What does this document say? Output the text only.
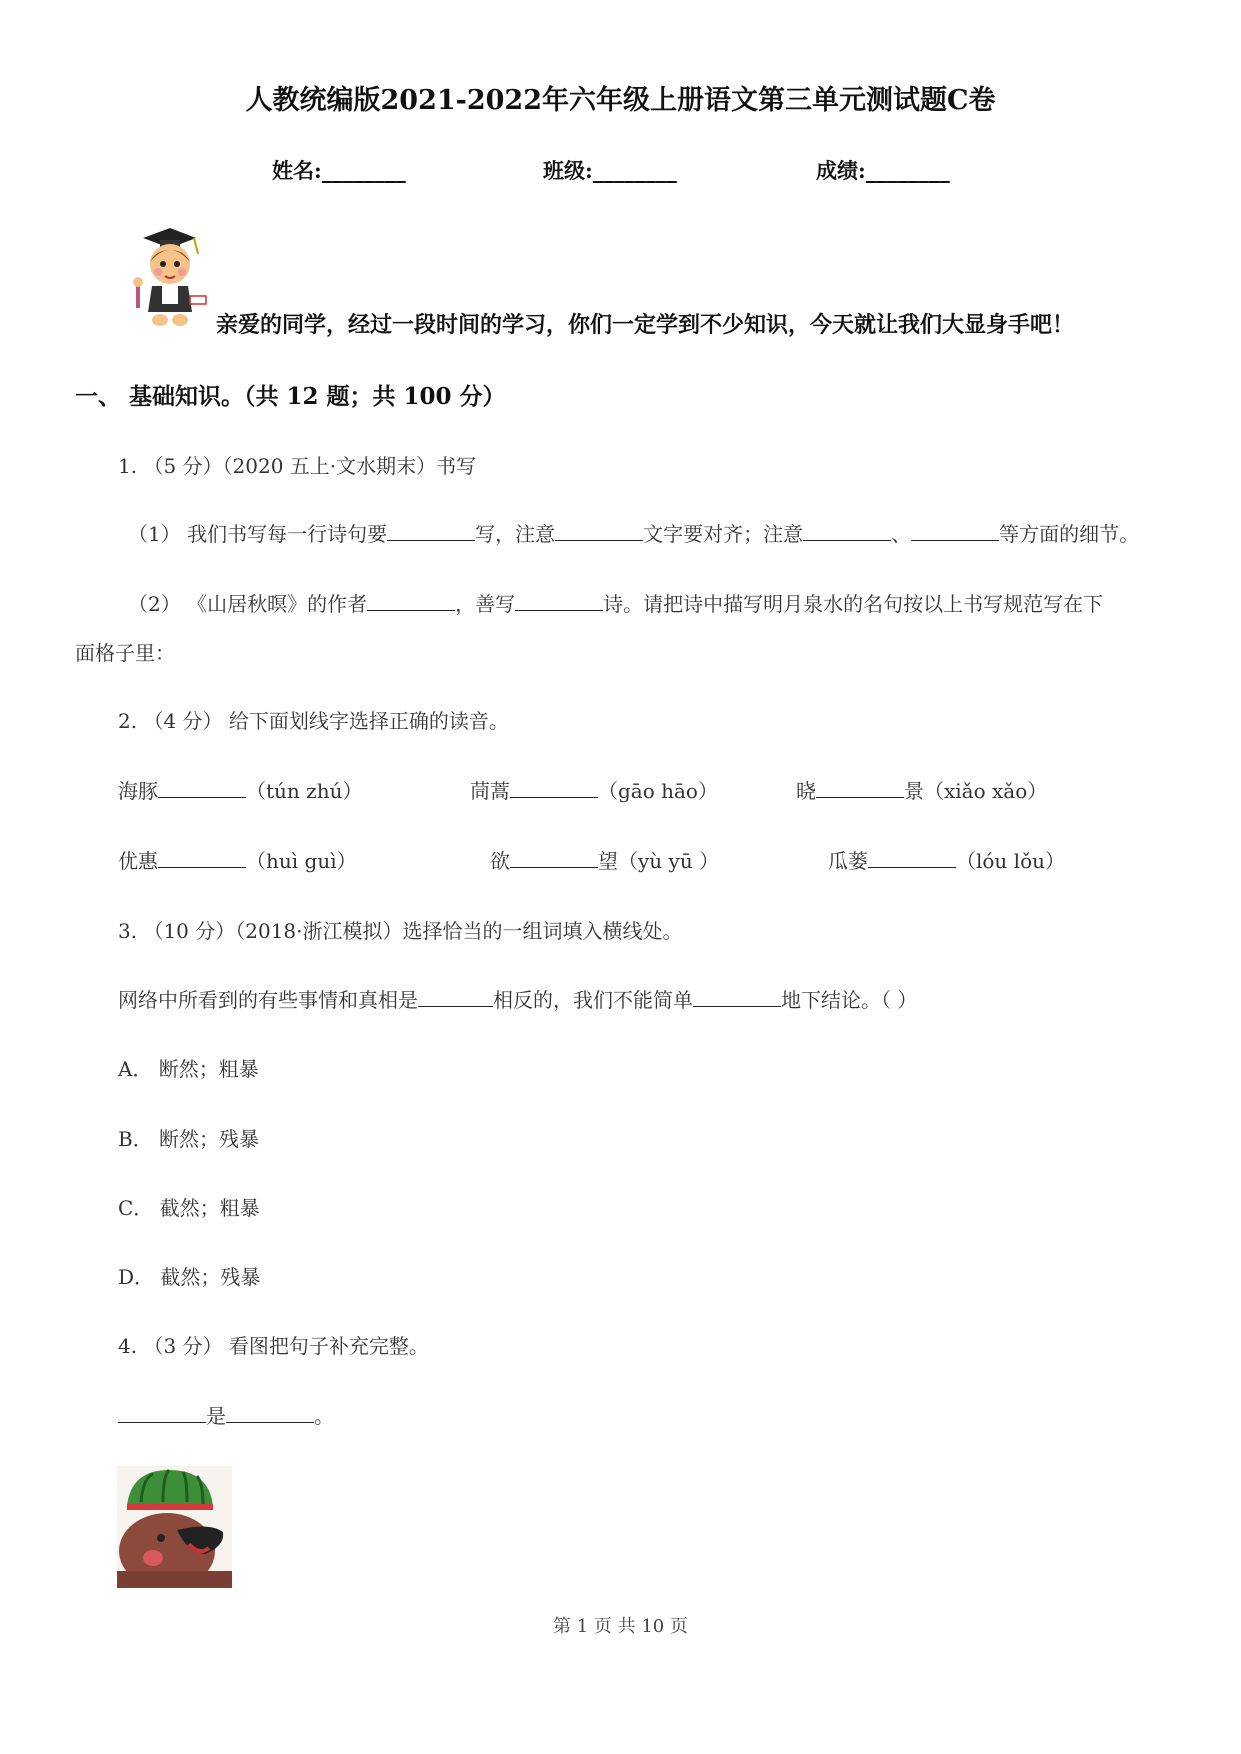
人教统编版2021-2022年六年级上册语文第三单元测试题C卷
姓名:________	班级:________	成绩:________
亲爱的同学，经过一段时间的学习，你们一定学到不少知识，今天就让我们大显身手吧！
一、 基础知识。（共 12 题；共 100 分）
1. （5 分）（2020 五上·文水期末）书写
（1） 我们书写每一行诗句要	写，注意	文字要对齐；注意	、	等方面的细节。
（2） 《山居秋暝》的作者	，善写	诗。请把诗中描写明月泉水的名句按以上书写规范写在下
面格子里：
2. （4 分） 给下面划线字选择正确的读音。
海豚	（tún zhú）	茼蒿	（gāo hāo）	晓	景（xiǎo xǎo）
优惠	（huì guì）	欲	望（yù yū ）	瓜蒌	（lóu lǒu）
3. （10 分）（2018·浙江模拟）选择恰当的一组词填入横线处。
网络中所看到的有些事情和真相是	相反的，我们不能简单	地下结论。（ ）
A． 断然；粗暴
B． 断然；残暴
C． 截然；粗暴
D． 截然；残暴
4. （3 分） 看图把句子补充完整。
是	。
第 1 页 共 10 页
